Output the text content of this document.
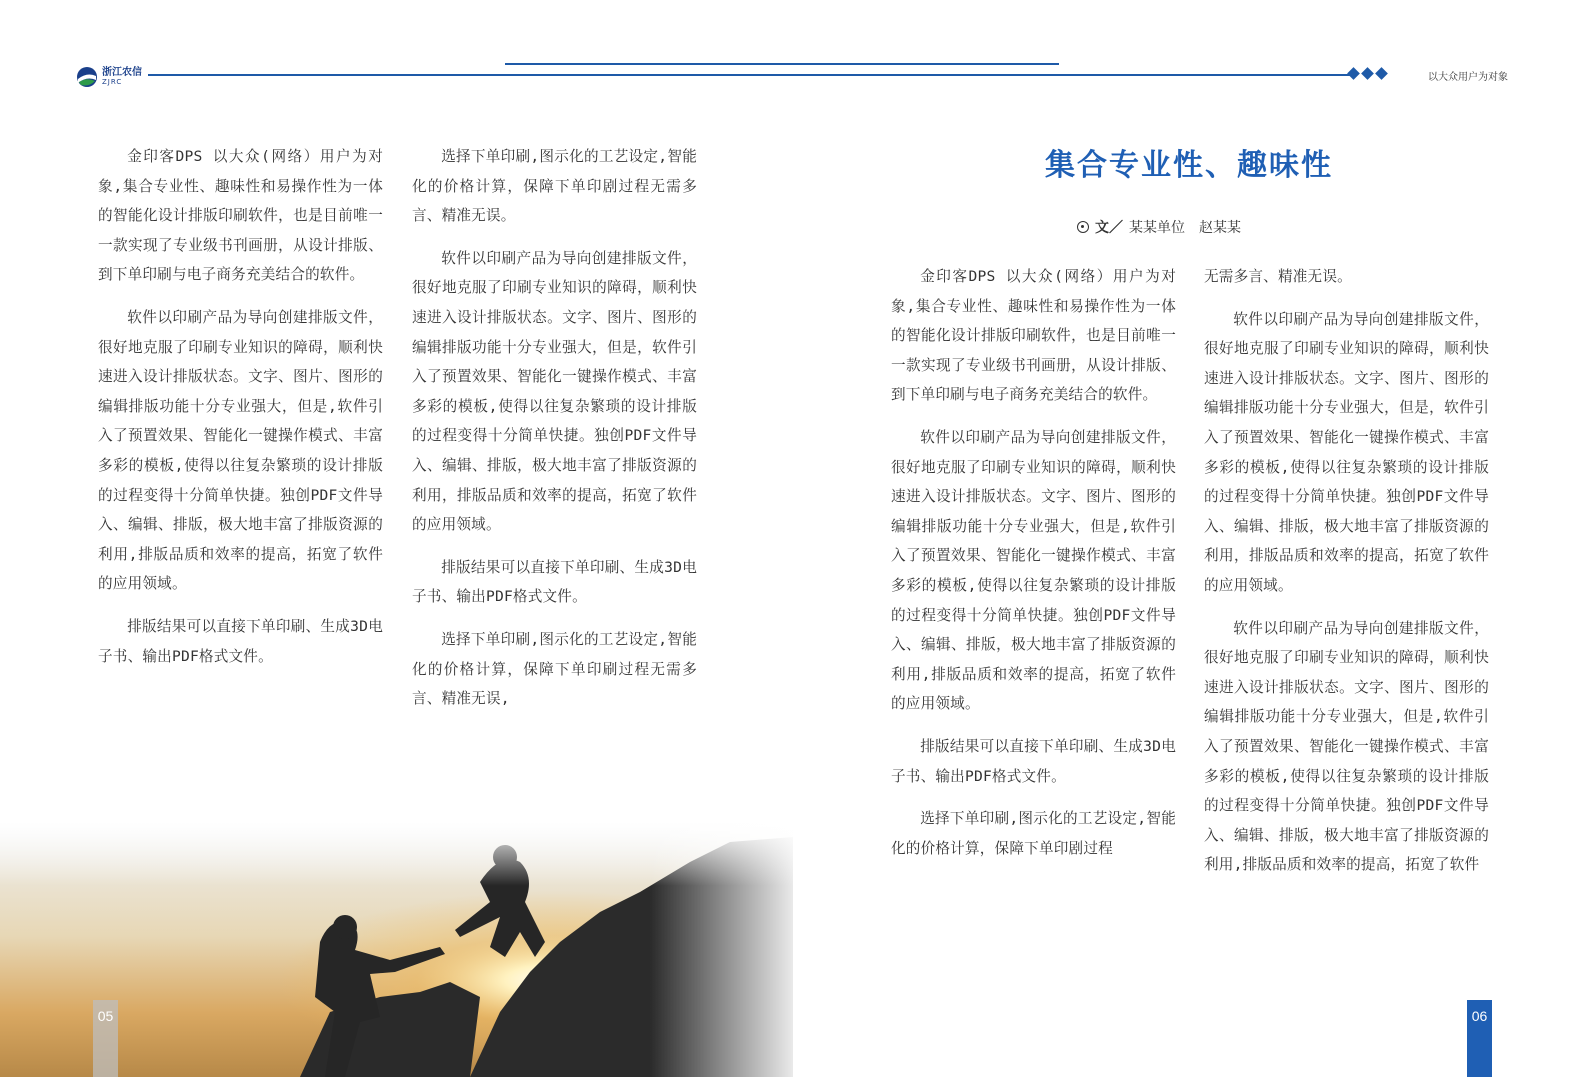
浙江农信
ZJRC	以大众用户为对象

金印客DPS 以大众(网络）用户为对象,集合专业性、趣味性和易操作性为一体的智能化设计排版印刷软件，也是目前唯一一款实现了专业级书刊画册，从设计排版、到下单印刷与电子商务充美结合的软件。

软件以印刷产品为导向创建排版文件，很好地克服了印刷专业知识的障碍，顺利快速进入设计排版状态。文字、图片、图形的编辑排版功能十分专业强大，但是,软件引入了预置效果、智能化一键操作模式、丰富多彩的模板,使得以往复杂繁琐的设计排版的过程变得十分简单快捷。独创PDF文件导入、编辑、排版，极大地丰富了排版资源的利用,排版品质和效率的提高，拓宽了软件的应用领域。

排版结果可以直接下单印刷、生成3D电子书、输出PDF格式文件。

选择下单印刷,图示化的工艺设定,智能化的价格计算，保障下单印剧过程无需多言、精准无误。

软件以印刷产品为导向创建排版文件，很好地克服了印刷专业知识的障碍，顺利快速进入设计排版状态。文字、图片、图形的编辑排版功能十分专业强大，但是，软件引入了预置效果、智能化一键操作模式、丰富多彩的模板,使得以往复杂繁琐的设计排版的过程变得十分简单快捷。独创PDF文件导入、编辑、排版，极大地丰富了排版资源的利用，排版品质和效率的提高，拓宽了软件的应用领域。

排版结果可以直接下单印刷、生成3D电子书、输出PDF格式文件。

选择下单印刷,图示化的工艺设定,智能化的价格计算，保障下单印刷过程无需多言、精准无误,

05
集合专业性、趣味性
文／ 某某单位 赵某某

金印客DPS 以大众(网络）用户为对象,集合专业性、趣味性和易操作性为一体的智能化设计排版印刷软件，也是目前唯一一款实现了专业级书刊画册，从设计排版、到下单印刷与电子商务充美结合的软件。

软件以印刷产品为导向创建排版文件，很好地克服了印刷专业知识的障碍，顺利快速进入设计排版状态。文字、图片、图形的编辑排版功能十分专业强大，但是,软件引入了预置效果、智能化一键操作模式、丰富多彩的模板,使得以往复杂繁琐的设计排版的过程变得十分简单快捷。独创PDF文件导入、编辑、排版，极大地丰富了排版资源的利用,排版品质和效率的提高，拓宽了软件的应用领域。

排版结果可以直接下单印刷、生成3D电子书、输出PDF格式文件。

选择下单印刷,图示化的工艺设定,智能化的价格计算，保障下单印剧过程

无需多言、精准无误。

软件以印刷产品为导向创建排版文件，很好地克服了印刷专业知识的障碍，顺利快速进入设计排版状态。文字、图片、图形的编辑排版功能十分专业强大，但是，软件引入了预置效果、智能化一键操作模式、丰富多彩的模板,使得以往复杂繁琐的设计排版的过程变得十分简单快捷。独创PDF文件导入、编辑、排版，极大地丰富了排版资源的利用，排版品质和效率的提高，拓宽了软件的应用领域。

软件以印刷产品为导向创建排版文件，很好地克服了印刷专业知识的障碍，顺利快速进入设计排版状态。文字、图片、图形的编辑排版功能十分专业强大，但是,软件引入了预置效果、智能化一键操作模式、丰富多彩的模板,使得以往复杂繁琐的设计排版的过程变得十分简单快捷。独创PDF文件导入、编辑、排版，极大地丰富了排版资源的利用,排版品质和效率的提高，拓宽了软件

06
